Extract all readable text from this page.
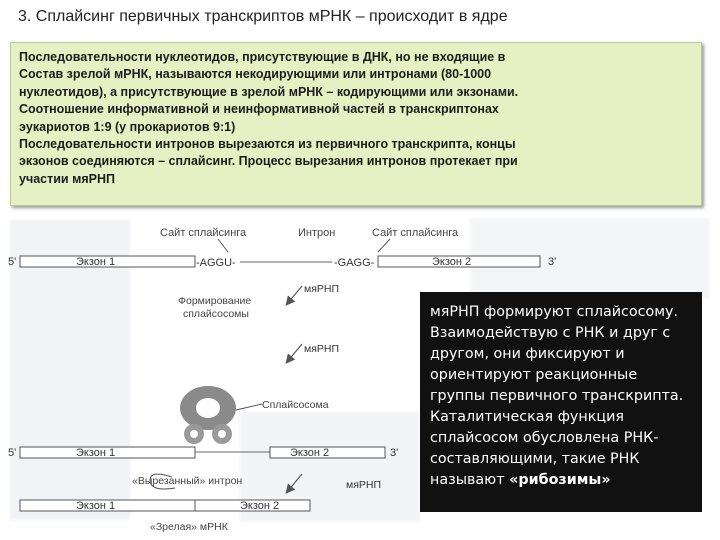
3. Сплайсинг первичных транскриптов мРНК – происходит в ядре

Последовательности нуклеотидов, присутствующие в ДНК, но не входящие в

Состав зрелой мРНК, называются некодирующими или интронами (80-1000

нуклеотидов), а присутствующие в зрелой мРНК – кодирующими или экзонами.

Соотношение информативной и неинформативной частей в транскриптонах

эукариотов 1:9 (у прокариотов 9:1)

Последовательности интронов вырезаются из первичного транскрипта, концы

экзонов соединяются – сплайсинг. Процесс вырезания интронов протекает при

участии мяРНП

Сайт сплайсинга	Интрон	Сайт сплайсинга
5'	Экзон 1	-AGGU-	-GAGG-	Экзон 2	3'
мяРНП
Формирование
сплайсосомы
мяРНП
Сплайсосома
5'	Экзон 1	Экзон 2	3'
«Вырезанный» интрон	мяРНП
Экзон 1	Экзон 2
«Зрелая» мРНК

мяРНП формируют сплайсосому. Взаимодействую с РНК и друг с другом, они фиксируют и ориентируют реакционные группы первичного транскрипта. Каталитическая функция сплайсосом обусловлена РНК-составляющими, такие РНК называют «рибозимы»
